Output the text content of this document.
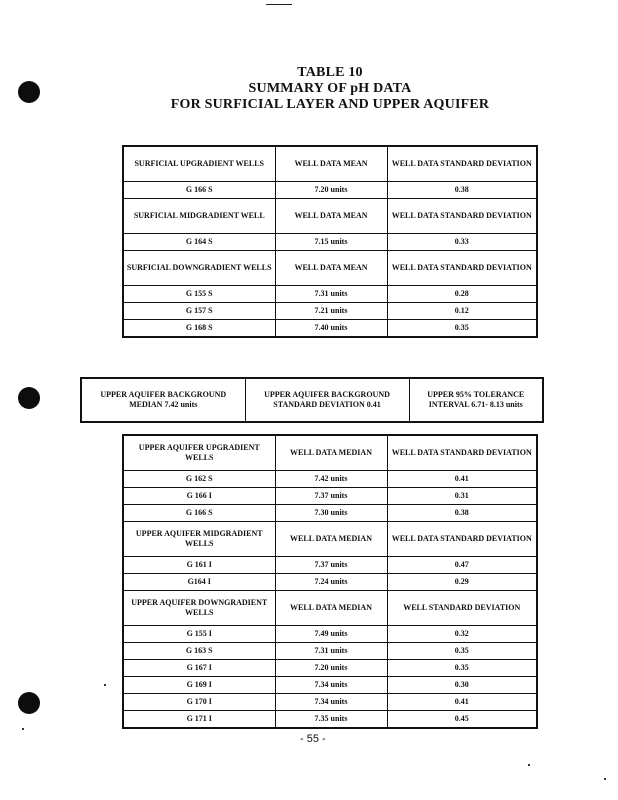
TABLE 10
SUMMARY OF pH DATA
FOR SURFICIAL LAYER AND UPPER AQUIFER
SURFICIAL UPGRADIENT WELLS	WELL DATA MEAN	WELL DATA STANDARD DEVIATION
G 166 S	7.20 units	0.38
SURFICIAL MIDGRADIENT WELL	WELL DATA MEAN	WELL DATA STANDARD DEVIATION
G 164 S	7.15 units	0.33
SURFICIAL DOWNGRADIENT WELLS	WELL DATA MEAN	WELL DATA STANDARD DEVIATION
G 155 S	7.31 units	0.28
G 157 S	7.21 units	0.12
G 168 S	7.40 units	0.35
UPPER AQUIFER BACKGROUND MEDIAN 7.42 units	UPPER AQUIFER BACKGROUND STANDARD DEVIATION 0.41	UPPER 95% TOLERANCE INTERVAL 6.71- 8.13 units
UPPER AQUIFER UPGRADIENT WELLS	WELL DATA MEDIAN	WELL DATA STANDARD DEVIATION
G 162 S	7.42 units	0.41
G 166 I	7.37 units	0.31
G 166 S	7.30 units	0.38
UPPER AQUIFER MIDGRADIENT WELLS	WELL DATA MEDIAN	WELL DATA STANDARD DEVIATION
G 161 I	7.37 units	0.47
G164 I	7.24 units	0.29
UPPER AQUIFER DOWNGRADIENT WELLS	WELL DATA MEDIAN	WELL STANDARD DEVIATION
G 155 I	7.49 units	0.32
G 163 S	7.31 units	0.35
G 167 I	7.20 units	0.35
G 169 I	7.34 units	0.30
G 170 I	7.34 units	0.41
G 171 I	7.35 units	0.45
- 55 -
